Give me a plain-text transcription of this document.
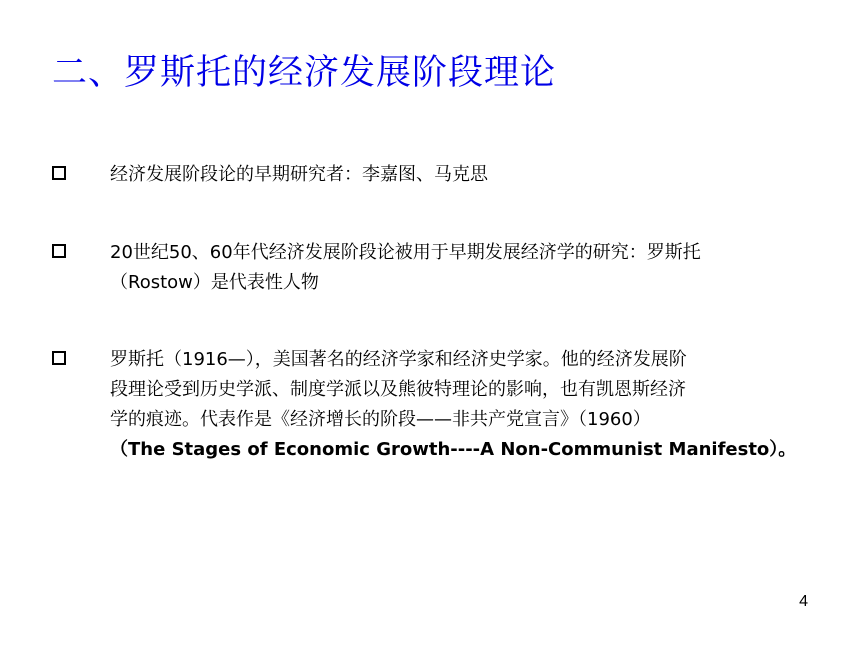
二、罗斯托的经济发展阶段理论
经济发展阶段论的早期研究者：李嘉图、马克思
20世纪50、60年代经济发展阶段论被用于早期发展经济学的研究：罗斯托
（Rostow）是代表性人物
罗斯托（1916—），美国著名的经济学家和经济史学家。他的经济发展阶
段理论受到历史学派、制度学派以及熊彼特理论的影响，也有凯恩斯经济
学的痕迹。代表作是《经济增长的阶段——非共产党宣言》（1960）
（The Stages of Economic Growth----A Non-Communist Manifesto）。
4
